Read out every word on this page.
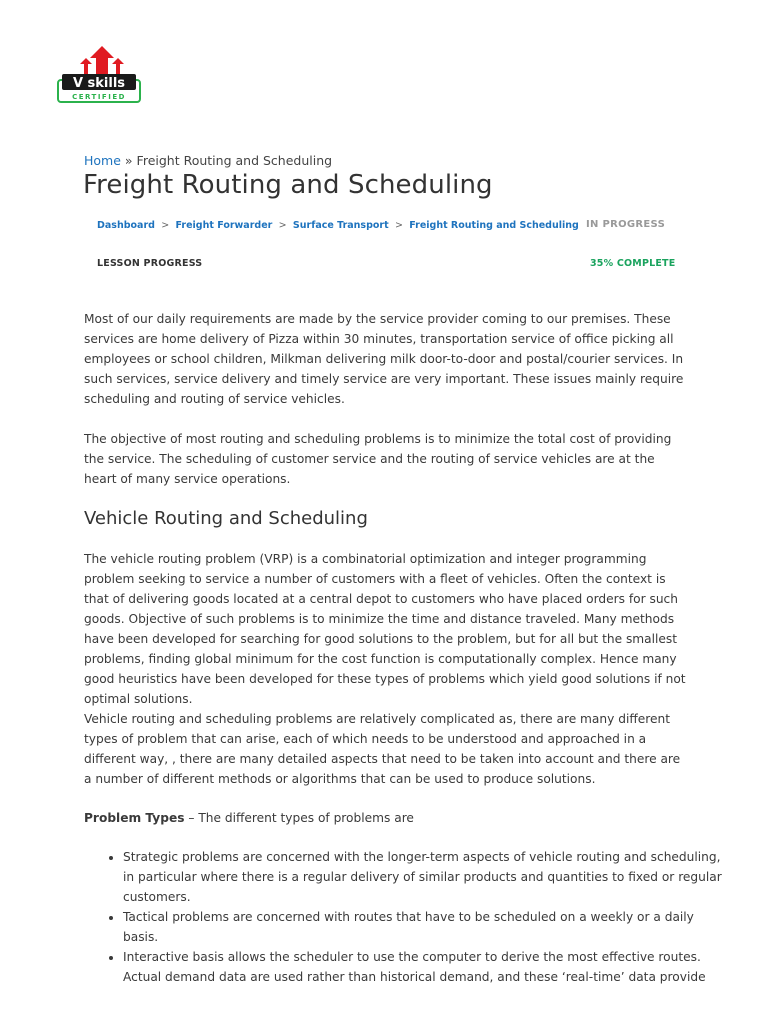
V skills
CERTIFIED
Home » Freight Routing and Scheduling
Freight Routing and Scheduling
Dashboard > Freight Forwarder > Surface Transport > Freight Routing and Scheduling IN PROGRESS
LESSON PROGRESS	35% COMPLETE

Most of our daily requirements are made by the service provider coming to our premises. These services are home delivery of Pizza within 30 minutes, transportation service of office picking all employees or school children, Milkman delivering milk door-to-door and postal/courier services. In such services, service delivery and timely service are very important. These issues mainly require scheduling and routing of service vehicles.

The objective of most routing and scheduling problems is to minimize the total cost of providing the service. The scheduling of customer service and the routing of service vehicles are at the heart of many service operations.

Vehicle Routing and Scheduling

The vehicle routing problem (VRP) is a combinatorial optimization and integer programming problem seeking to service a number of customers with a fleet of vehicles. Often the context is that of delivering goods located at a central depot to customers who have placed orders for such goods. Objective of such problems is to minimize the time and distance traveled. Many methods have been developed for searching for good solutions to the problem, but for all but the smallest problems, finding global minimum for the cost function is computationally complex. Hence many good heuristics have been developed for these types of problems which yield good solutions if not optimal solutions.

Vehicle routing and scheduling problems are relatively complicated as, there are many different types of problem that can arise, each of which needs to be understood and approached in a different way, , there are many detailed aspects that need to be taken into account and there are a number of different methods or algorithms that can be used to produce solutions.

Problem Types – The different types of problems are

• Strategic problems are concerned with the longer-term aspects of vehicle routing and scheduling, in particular where there is a regular delivery of similar products and quantities to fixed or regular customers.
• Tactical problems are concerned with routes that have to be scheduled on a weekly or a daily basis.
• Interactive basis allows the scheduler to use the computer to derive the most effective routes. Actual demand data are used rather than historical demand, and these ‘real-time’ data provide
